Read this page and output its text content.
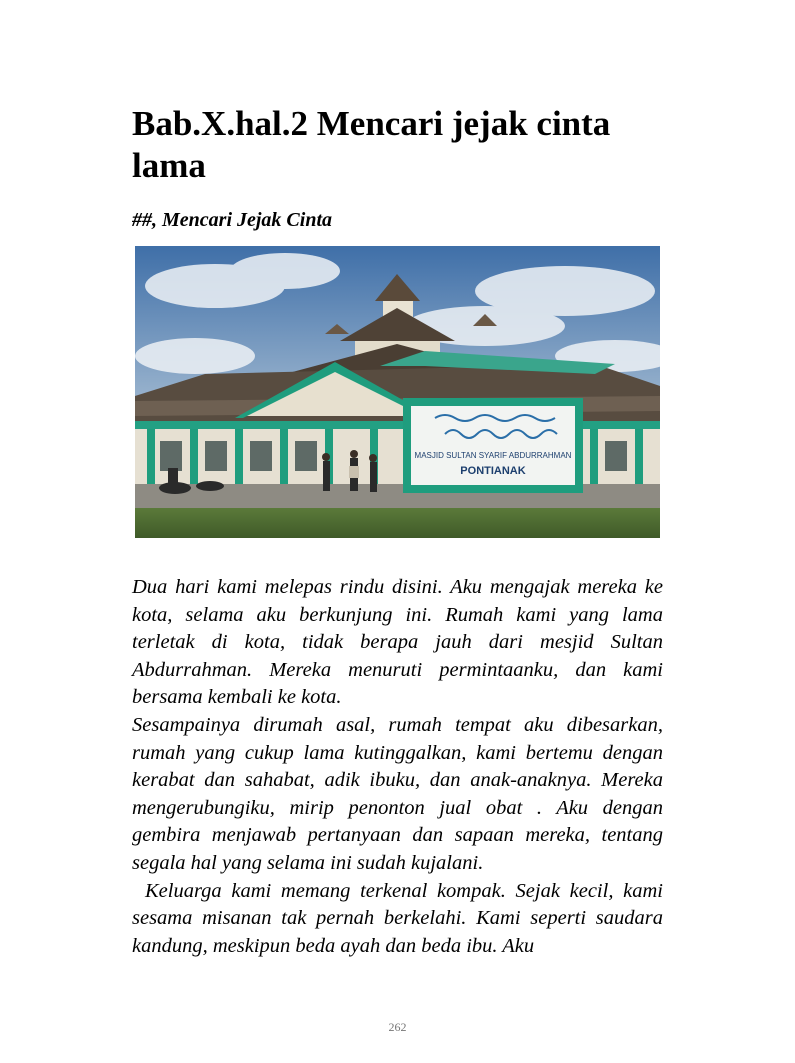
Bab.X.hal.2 Mencari jejak cinta lama
##, Mencari Jejak Cinta
MASJID SULTAN SYARIF ABDURRAHMAN
PONTIANAK

Dua hari kami melepas rindu disini. Aku mengajak mereka ke kota, selama aku berkunjung ini. Rumah kami yang lama terletak di kota, tidak berapa jauh dari mesjid Sultan Abdurrahman. Mereka menuruti permintaanku, dan kami bersama kembali ke kota.

Sesampainya dirumah asal, rumah tempat aku dibesarkan, rumah yang cukup lama kutinggalkan, kami bertemu dengan kerabat dan sahabat, adik ibuku, dan anak-anaknya. Mereka mengerubungiku, mirip penonton jual obat . Aku dengan gembira menjawab pertanyaan dan sapaan mereka, tentang segala hal yang selama ini sudah kujalani.

Keluarga kami memang terkenal kompak. Sejak kecil, kami sesama misanan tak pernah berkelahi. Kami seperti saudara kandung, meskipun beda ayah dan beda ibu. Aku

262
